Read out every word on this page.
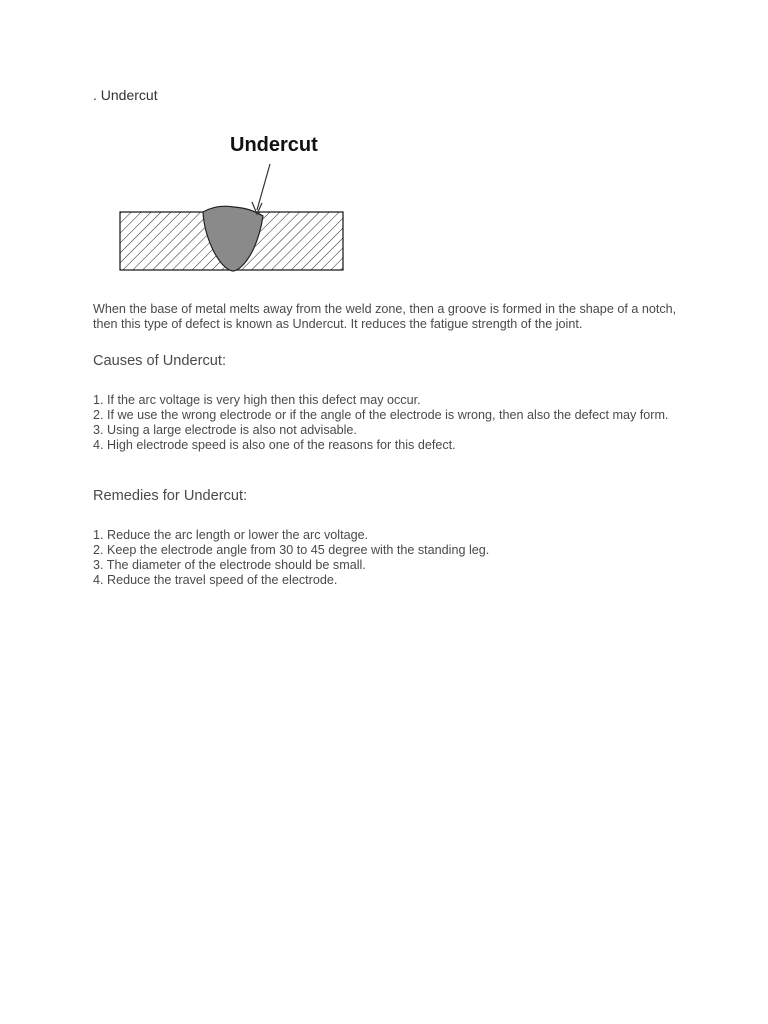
. Undercut
Undercut
When the base of metal melts away from the weld zone, then a groove is formed in the shape of a notch, then this type of defect is known as Undercut. It reduces the fatigue strength of the joint.
Causes of Undercut:
1. If the arc voltage is very high then this defect may occur.
2. If we use the wrong electrode or if the angle of the electrode is wrong, then also the defect may form.
3. Using a large electrode is also not advisable.
4. High electrode speed is also one of the reasons for this defect.
Remedies for Undercut:
1. Reduce the arc length or lower the arc voltage.
2. Keep the electrode angle from 30 to 45 degree with the standing leg.
3. The diameter of the electrode should be small.
4. Reduce the travel speed of the electrode.
